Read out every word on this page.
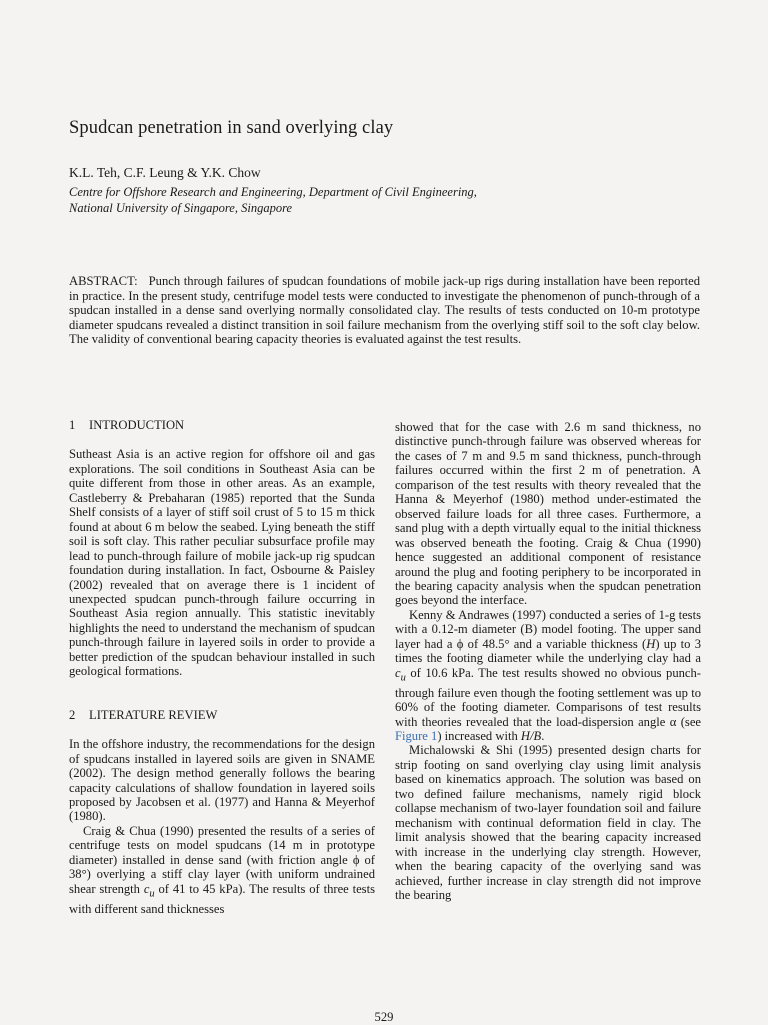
Spudcan penetration in sand overlying clay
K.L. Teh, C.F. Leung & Y.K. Chow
Centre for Offshore Research and Engineering, Department of Civil Engineering,
National University of Singapore, Singapore
ABSTRACT: Punch through failures of spudcan foundations of mobile jack-up rigs during installation have been reported in practice. In the present study, centrifuge model tests were conducted to investigate the phenomenon of punch-through of a spudcan installed in a dense sand overlying normally consolidated clay. The results of tests conducted on 10-m prototype diameter spudcans revealed a distinct transition in soil failure mechanism from the overlying stiff soil to the soft clay below. The validity of conventional bearing capacity theories is evaluated against the test results.
1 INTRODUCTION

Sutheast Asia is an active region for offshore oil and gas explorations. The soil conditions in Southeast Asia can be quite different from those in other areas. As an example, Castleberry & Prebaharan (1985) reported that the Sunda Shelf consists of a layer of stiff soil crust of 5 to 15 m thick found at about 6 m below the seabed. Lying beneath the stiff soil is soft clay. This rather peculiar subsurface profile may lead to punch-through failure of mobile jack-up rig spudcan foundation during installation. In fact, Osbourne & Paisley (2002) revealed that on average there is 1 incident of unexpected spudcan punch-through failure occurring in Southeast Asia region annually. This statistic inevitably highlights the need to understand the mechanism of spudcan punch-through failure in layered soils in order to provide a better prediction of the spudcan behaviour installed in such geological formations.

2 LITERATURE REVIEW

In the offshore industry, the recommendations for the design of spudcans installed in layered soils are given in SNAME (2002). The design method generally follows the bearing capacity calculations of shallow foundation in layered soils proposed by Jacobsen et al. (1977) and Hanna & Meyerhof (1980).

Craig & Chua (1990) presented the results of a series of centrifuge tests on model spudcans (14 m in prototype diameter) installed in dense sand (with friction angle ϕ of 38°) overlying a stiff clay layer (with uniform undrained shear strength $c_u$ of 41 to 45 kPa). The results of three tests with different sand thicknesses

showed that for the case with 2.6 m sand thickness, no distinctive punch-through failure was observed whereas for the cases of 7 m and 9.5 m sand thickness, punch-through failures occurred within the first 2 m of penetration. A comparison of the test results with theory revealed that the Hanna & Meyerhof (1980) method under-estimated the observed failure loads for all three cases. Furthermore, a sand plug with a depth virtually equal to the initial thickness was observed beneath the footing. Craig & Chua (1990) hence suggested an additional component of resistance around the plug and footing periphery to be incorporated in the bearing capacity analysis when the spudcan penetration goes beyond the interface.

Kenny & Andrawes (1997) conducted a series of 1-g tests with a 0.12-m diameter (B) model footing. The upper sand layer had a ϕ of 48.5° and a variable thickness (H) up to 3 times the footing diameter while the underlying clay had a $c_u$ of 10.6 kPa. The test results showed no obvious punch-through failure even though the footing settlement was up to 60% of the footing diameter. Comparisons of test results with theories revealed that the load-dispersion angle α (see Figure 1) increased with H/B.

Michalowski & Shi (1995) presented design charts for strip footing on sand overlying clay using limit analysis based on kinematics approach. The solution was based on two defined failure mechanisms, namely rigid block collapse mechanism of two-layer foundation soil and failure mechanism with continual deformation field in clay. The limit analysis showed that the bearing capacity increased with increase in the underlying clay strength. However, when the bearing capacity of the overlying sand was achieved, further increase in clay strength did not improve the bearing

529
